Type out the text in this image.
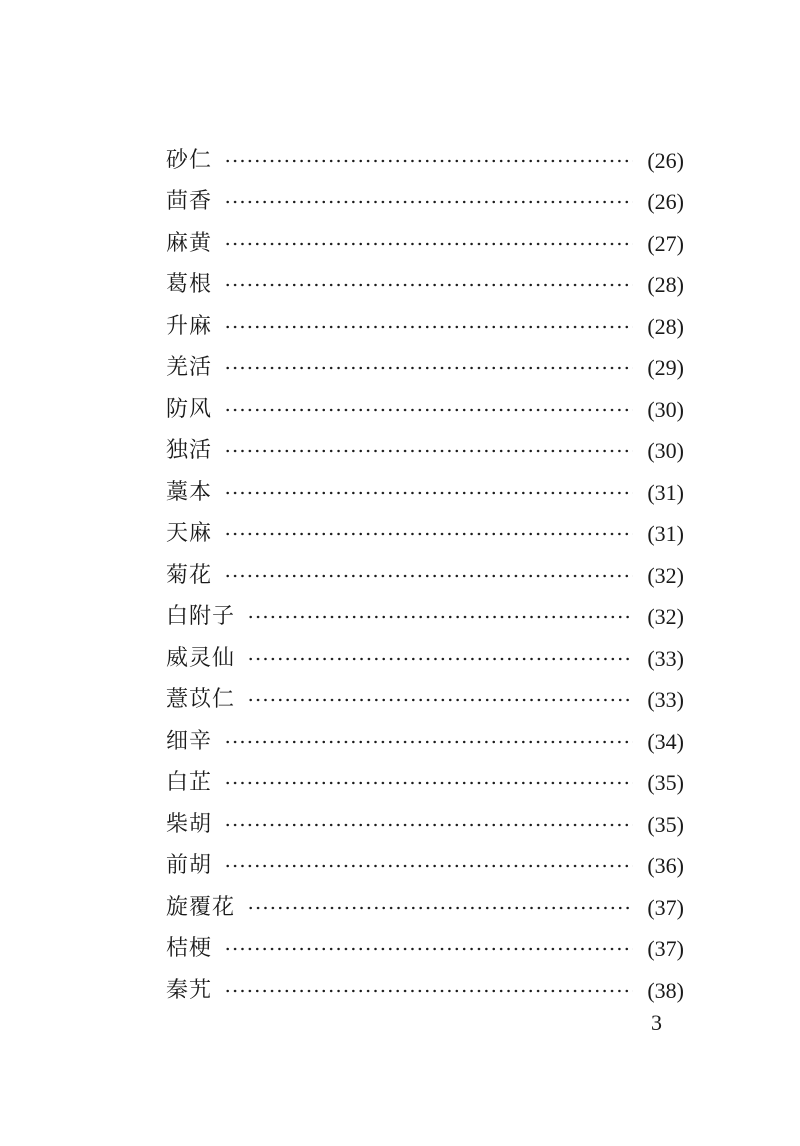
砂仁	(26)
茴香	(26)
麻黄	(27)
葛根	(28)
升麻	(28)
羌活	(29)
防风	(30)
独活	(30)
藁本	(31)
天麻	(31)
菊花	(32)
白附子	(32)
威灵仙	(33)
薏苡仁	(33)
细辛	(34)
白芷	(35)
柴胡	(35)
前胡	(36)
旋覆花	(37)
桔梗	(37)
秦艽	(38)
3
